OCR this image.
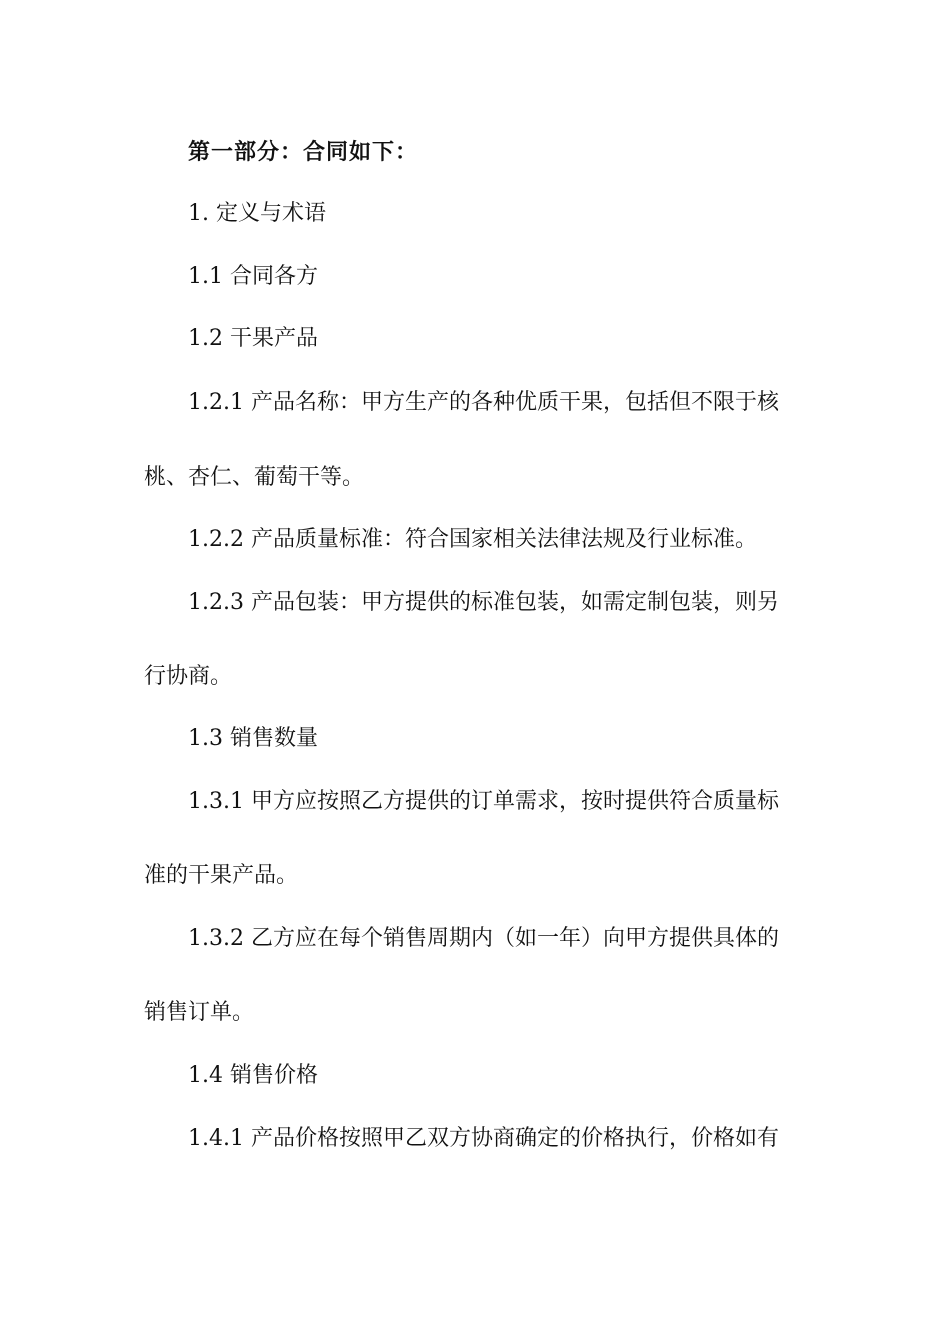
第一部分：合同如下：
1. 定义与术语
1.1 合同各方
1.2 干果产品
1.2.1 产品名称：甲方生产的各种优质干果，包括但不限于核
桃、杏仁、葡萄干等。
1.2.2 产品质量标准：符合国家相关法律法规及行业标准。
1.2.3 产品包装：甲方提供的标准包装，如需定制包装，则另
行协商。
1.3 销售数量
1.3.1 甲方应按照乙方提供的订单需求，按时提供符合质量标
准的干果产品。
1.3.2 乙方应在每个销售周期内（如一年）向甲方提供具体的
销售订单。
1.4 销售价格
1.4.1 产品价格按照甲乙双方协商确定的价格执行，价格如有
